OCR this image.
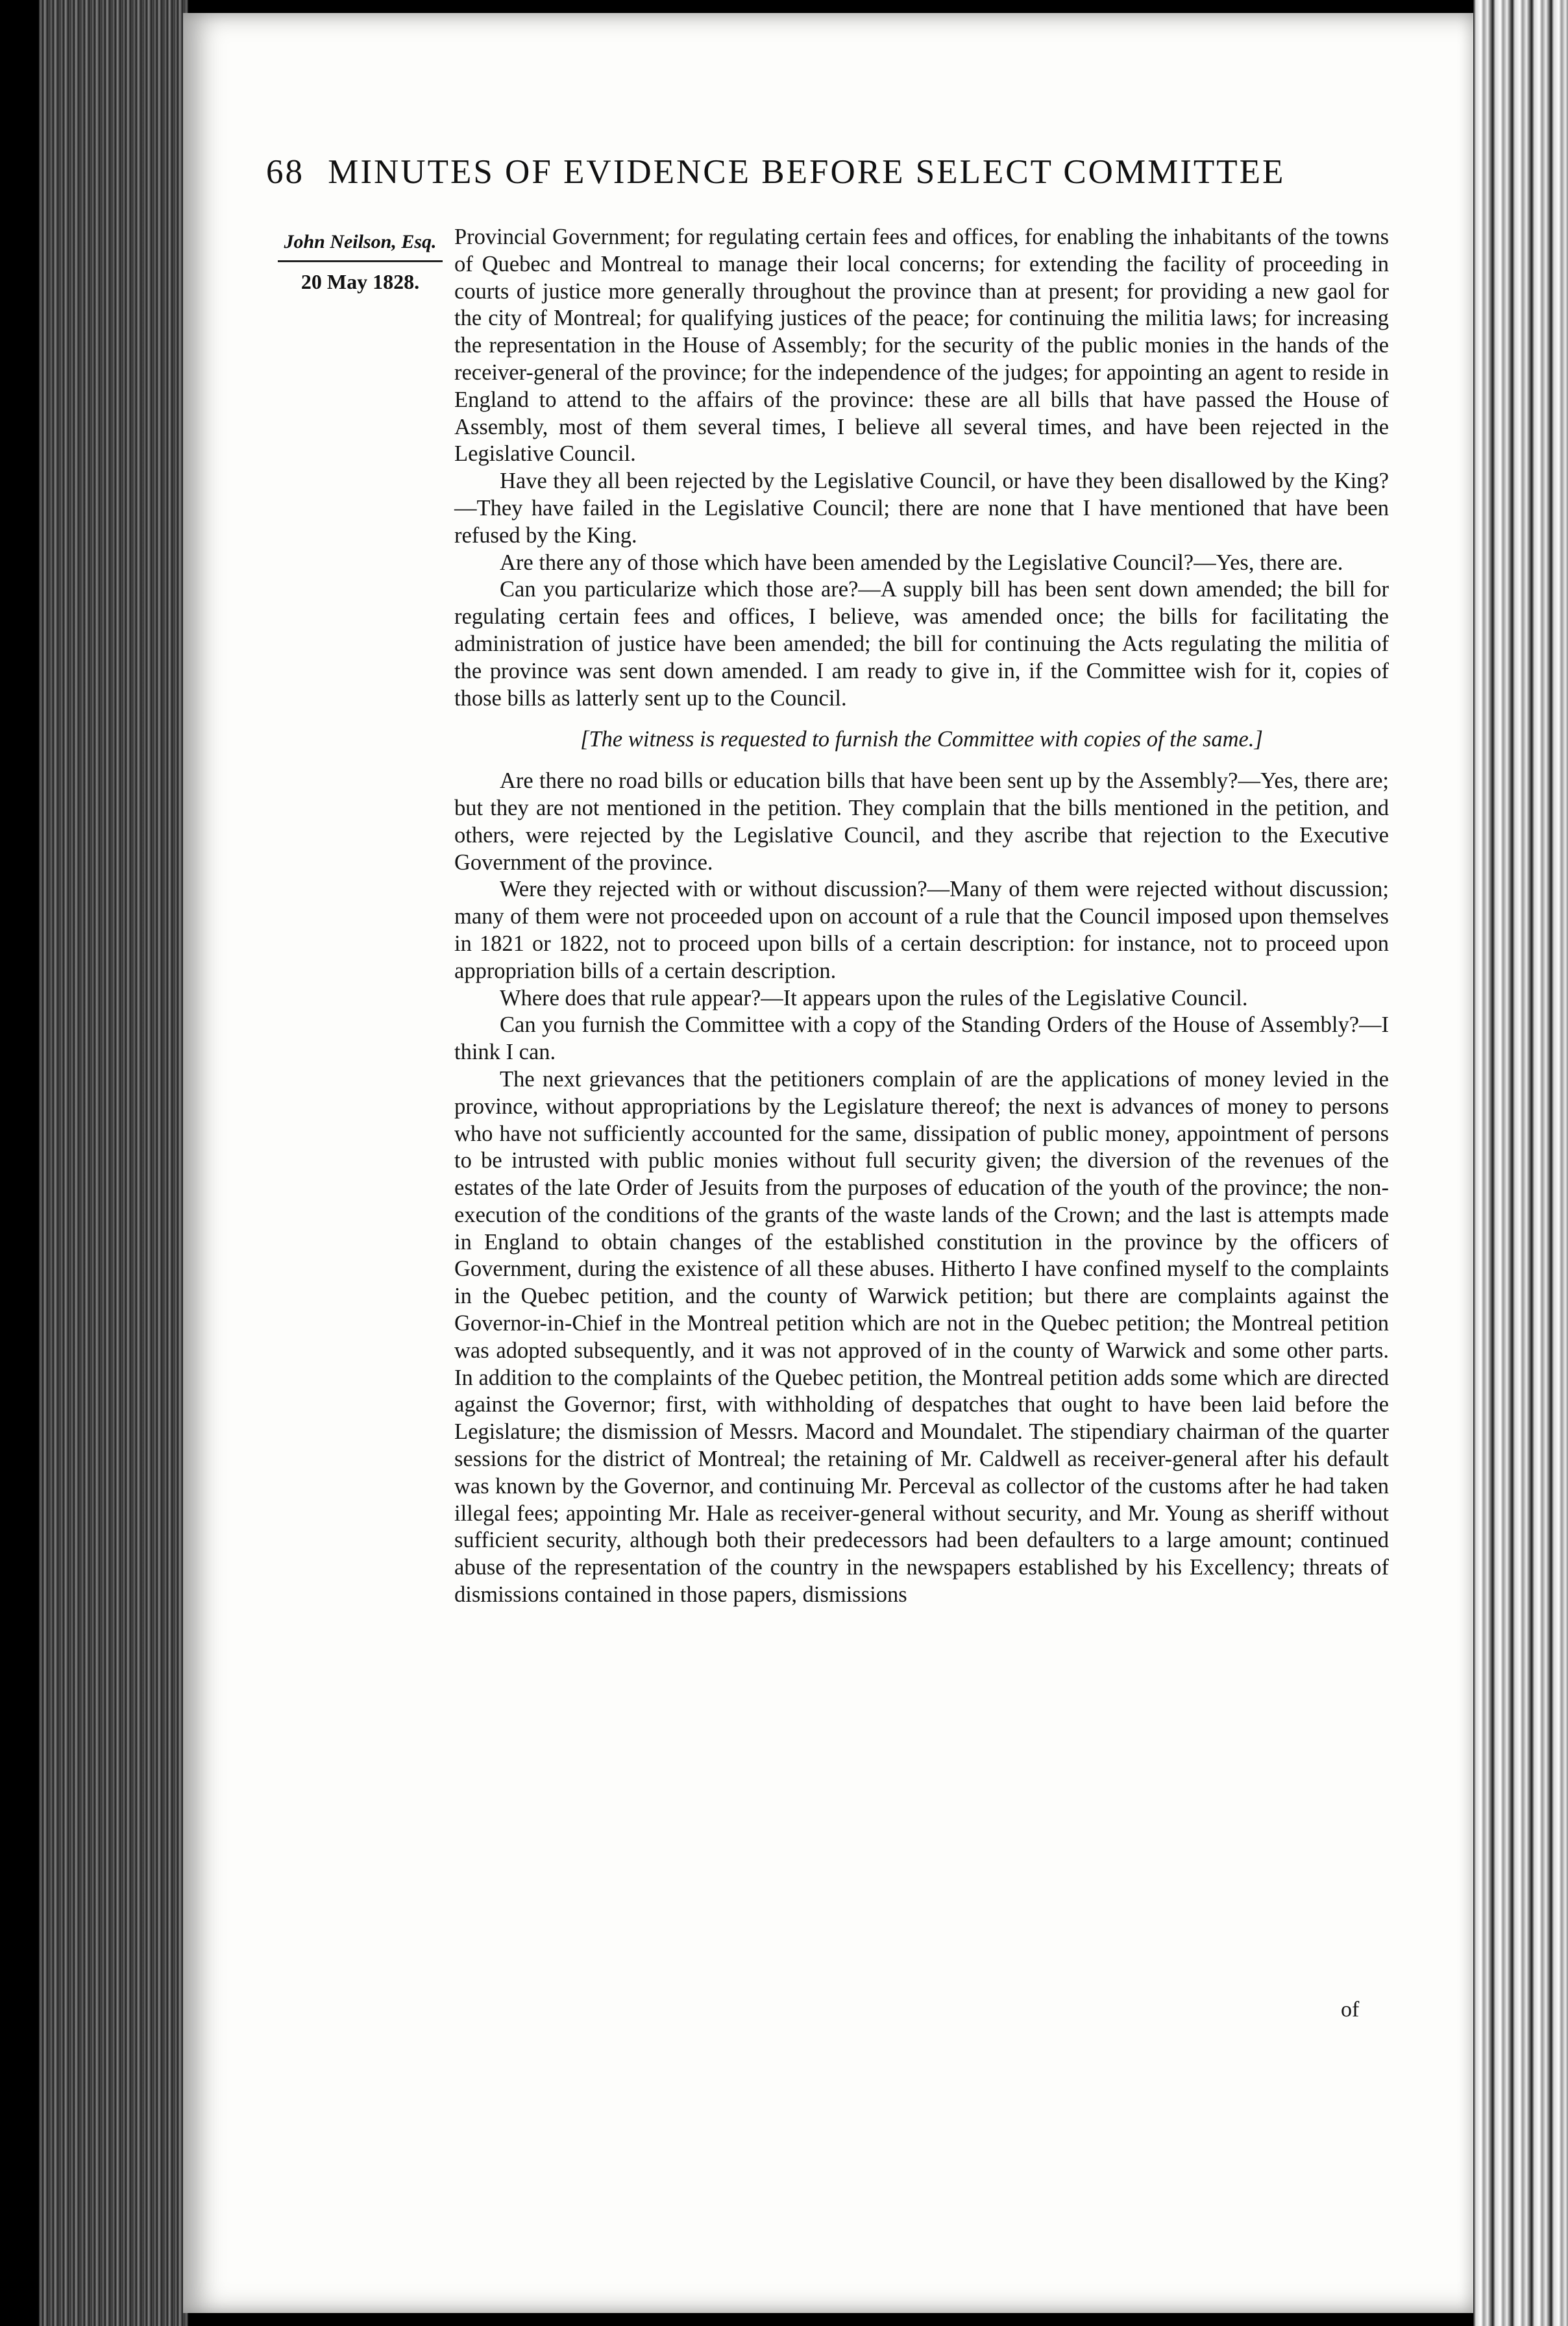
68 MINUTES OF EVIDENCE BEFORE SELECT COMMITTEE
John Neilson, Esq.
20 May 1828.

Provincial Government; for regulating certain fees and offices, for enabling the inhabitants of the towns of Quebec and Montreal to manage their local concerns; for extending the facility of proceeding in courts of justice more generally throughout the province than at present; for providing a new gaol for the city of Montreal; for qualifying justices of the peace; for continuing the militia laws; for increasing the representation in the House of Assembly; for the security of the public monies in the hands of the receiver-general of the province; for the independence of the judges; for appointing an agent to reside in England to attend to the affairs of the province: these are all bills that have passed the House of Assembly, most of them several times, I believe all several times, and have been rejected in the Legislative Council.

Have they all been rejected by the Legislative Council, or have they been disallowed by the King?—They have failed in the Legislative Council; there are none that I have mentioned that have been refused by the King.

Are there any of those which have been amended by the Legislative Council?—Yes, there are.

Can you particularize which those are?—A supply bill has been sent down amended; the bill for regulating certain fees and offices, I believe, was amended once; the bills for facilitating the administration of justice have been amended; the bill for continuing the Acts regulating the militia of the province was sent down amended. I am ready to give in, if the Committee wish for it, copies of those bills as latterly sent up to the Council.

[The witness is requested to furnish the Committee with copies of the same.]

Are there no road bills or education bills that have been sent up by the Assembly?—Yes, there are; but they are not mentioned in the petition. They complain that the bills mentioned in the petition, and others, were rejected by the Legislative Council, and they ascribe that rejection to the Executive Government of the province.

Were they rejected with or without discussion?—Many of them were rejected without discussion; many of them were not proceeded upon on account of a rule that the Council imposed upon themselves in 1821 or 1822, not to proceed upon bills of a certain description: for instance, not to proceed upon appropriation bills of a certain description.

Where does that rule appear?—It appears upon the rules of the Legislative Council.

Can you furnish the Committee with a copy of the Standing Orders of the House of Assembly?—I think I can.

The next grievances that the petitioners complain of are the applications of money levied in the province, without appropriations by the Legislature thereof; the next is advances of money to persons who have not sufficiently accounted for the same, dissipation of public money, appointment of persons to be intrusted with public monies without full security given; the diversion of the revenues of the estates of the late Order of Jesuits from the purposes of education of the youth of the province; the non-execution of the conditions of the grants of the waste lands of the Crown; and the last is attempts made in England to obtain changes of the established constitution in the province by the officers of Government, during the existence of all these abuses. Hitherto I have confined myself to the complaints in the Quebec petition, and the county of Warwick petition; but there are complaints against the Governor-in-Chief in the Montreal petition which are not in the Quebec petition; the Montreal petition was adopted subsequently, and it was not approved of in the county of Warwick and some other parts. In addition to the complaints of the Quebec petition, the Montreal petition adds some which are directed against the Governor; first, with withholding of despatches that ought to have been laid before the Legislature; the dismission of Messrs. Macord and Moundalet. The stipendiary chairman of the quarter sessions for the district of Montreal; the retaining of Mr. Caldwell as receiver-general after his default was known by the Governor, and continuing Mr. Perceval as collector of the customs after he had taken illegal fees; appointing Mr. Hale as receiver-general without security, and Mr. Young as sheriff without sufficient security, although both their predecessors had been defaulters to a large amount; continued abuse of the representation of the country in the newspapers established by his Excellency; threats of dismissions contained in those papers, dismissions

of
